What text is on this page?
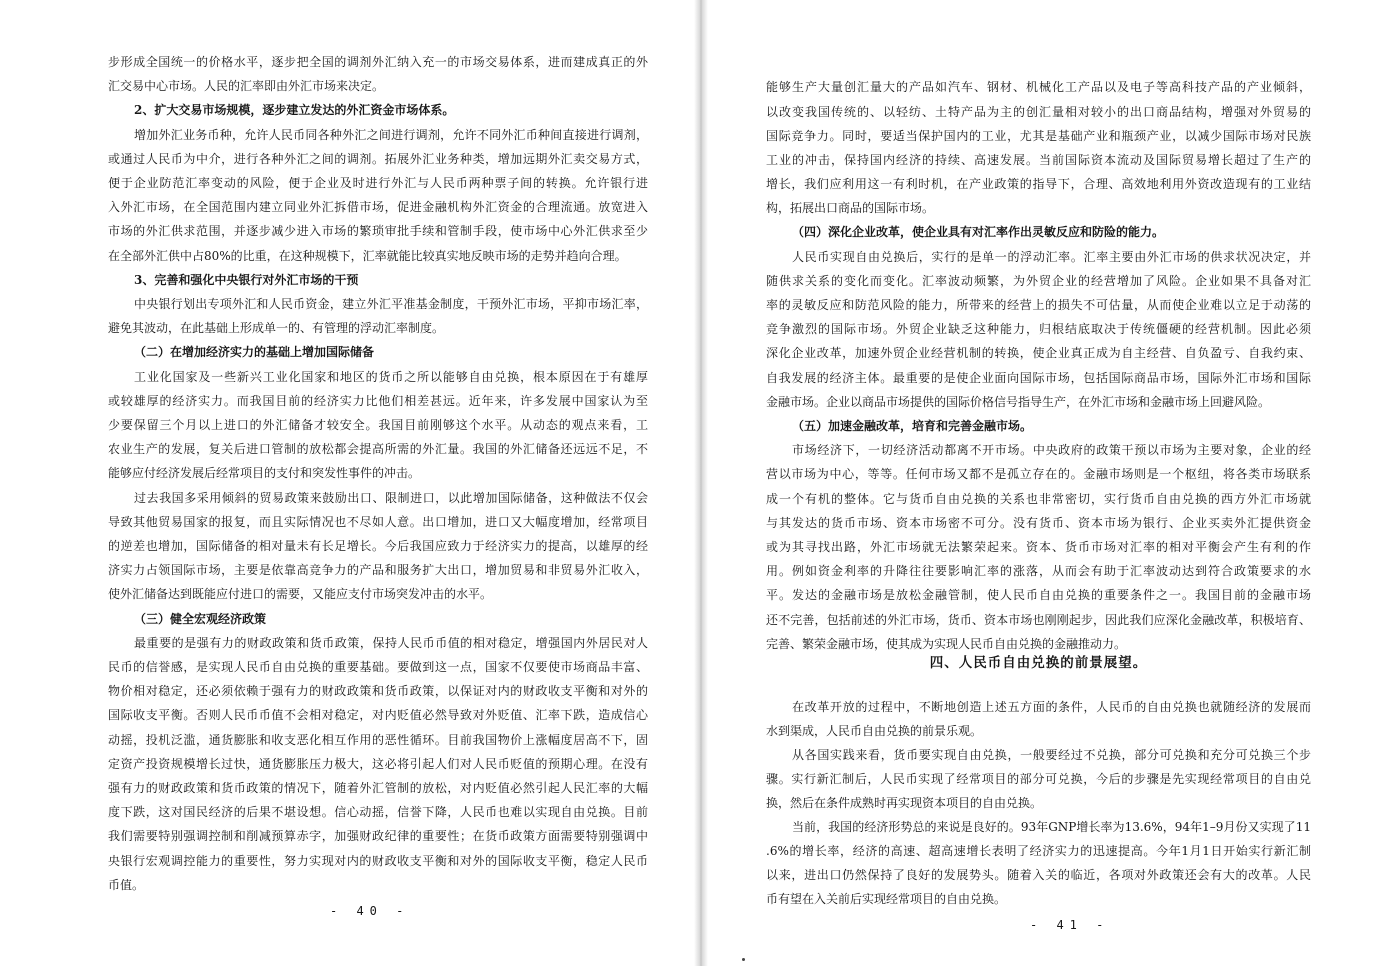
步形成全国统一的价格水平，逐步把全国的调剂外汇纳入充一的市场交易体系，进而建成真正的外
汇交易中心市场。人民的汇率即由外汇市场来决定。
2、扩大交易市场规模，逐步建立发达的外汇资金市场体系。
增加外汇业务币种，允许人民币同各种外汇之间进行调剂，允许不同外汇币种间直接进行调剂，
或通过人民币为中介，进行各种外汇之间的调剂。拓展外汇业务种类，增加远期外汇卖交易方式，
便于企业防范汇率变动的风险，便于企业及时进行外汇与人民币两种票子间的转换。允许银行进
入外汇市场，在全国范围内建立同业外汇拆借市场，促进金融机构外汇资金的合理流通。放宽进入
市场的外汇供求范围，并逐步减少进入市场的繁琐审批手续和管制手段，使市场中心外汇供求至少
在全部外汇供中占80%的比重，在这种规模下，汇率就能比较真实地反映市场的走势并趋向合理。
3、完善和强化中央银行对外汇市场的干预
中央银行划出专项外汇和人民币资金，建立外汇平准基金制度，干预外汇市场，平抑市场汇率，
避免其波动，在此基础上形成单一的、有管理的浮动汇率制度。
（二）在增加经济实力的基础上增加国际储备
工业化国家及一些新兴工业化国家和地区的货币之所以能够自由兑换，根本原因在于有雄厚
或较雄厚的经济实力。而我国目前的经济实力比他们相差甚远。近年来，许多发展中国家认为至
少要保留三个月以上进口的外汇储备才较安全。我国目前刚够这个水平。从动态的观点来看，工
农业生产的发展，复关后进口管制的放松都会提高所需的外汇量。我国的外汇储备还远远不足，不
能够应付经济发展后经常项目的支付和突发性事件的冲击。
过去我国多采用倾斜的贸易政策来鼓励出口、限制进口，以此增加国际储备，这种做法不仅会
导致其他贸易国家的报复，而且实际情况也不尽如人意。出口增加，进口又大幅度增加，经常项目
的逆差也增加，国际储备的相对量未有长足增长。今后我国应致力于经济实力的提高，以雄厚的经
济实力占领国际市场，主要是依靠高竞争力的产品和服务扩大出口，增加贸易和非贸易外汇收入，
使外汇储备达到既能应付进口的需要，又能应支付市场突发冲击的水平。
（三）健全宏观经济政策
最重要的是强有力的财政政策和货币政策，保持人民币币值的相对稳定，增强国内外居民对人
民币的信誉感，是实现人民币自由兑换的重要基础。要做到这一点，国家不仅要使市场商品丰富、
物价相对稳定，还必须依赖于强有力的财政政策和货币政策，以保证对内的财政收支平衡和对外的
国际收支平衡。否则人民币币值不会相对稳定，对内贬值必然导致对外贬值、汇率下跌，造成信心
动摇，投机泛滥，通货膨胀和收支恶化相互作用的恶性循环。目前我国物价上涨幅度居高不下，固
定资产投资规模增长过快，通货膨胀压力极大，这必将引起人们对人民币贬值的预期心理。在没有
强有力的财政政策和货币政策的情况下，随着外汇管制的放松，对内贬值必然引起人民汇率的大幅
度下跌，这对国民经济的后果不堪设想。信心动摇，信誉下降，人民币也难以实现自由兑换。目前
我们需要特别强调控制和削减预算赤字，加强财政纪律的重要性；在货币政策方面需要特别强调中
央银行宏观调控能力的重要性，努力实现对内的财政收支平衡和对外的国际收支平衡，稳定人民币
币值。
- 40 -
能够生产大量创汇量大的产品如汽车、钢材、机械化工产品以及电子等高科技产品的产业倾斜，
以改变我国传统的、以轻纺、土特产品为主的创汇量相对较小的出口商品结构，增强对外贸易的
国际竞争力。同时，要适当保护国内的工业，尤其是基础产业和瓶颈产业，以减少国际市场对民族
工业的冲击，保持国内经济的持续、高速发展。当前国际资本流动及国际贸易增长超过了生产的
增长，我们应利用这一有利时机，在产业政策的指导下，合理、高效地利用外资改造现有的工业结
构，拓展出口商品的国际市场。
（四）深化企业改革，使企业具有对汇率作出灵敏反应和防险的能力。
人民币实现自由兑换后，实行的是单一的浮动汇率。汇率主要由外汇市场的供求状况决定，并
随供求关系的变化而变化。汇率波动频繁，为外贸企业的经营增加了风险。企业如果不具备对汇
率的灵敏反应和防范风险的能力，所带来的经营上的损失不可估量，从而使企业难以立足于动荡的
竞争激烈的国际市场。外贸企业缺乏这种能力，归根结底取决于传统僵硬的经营机制。因此必须
深化企业改革，加速外贸企业经营机制的转换，使企业真正成为自主经营、自负盈亏、自我约束、
自我发展的经济主体。最重要的是使企业面向国际市场，包括国际商品市场，国际外汇市场和国际
金融市场。企业以商品市场提供的国际价格信号指导生产，在外汇市场和金融市场上回避风险。
（五）加速金融改革，培育和完善金融市场。
市场经济下，一切经济活动都离不开市场。中央政府的政策干预以市场为主要对象，企业的经
营以市场为中心，等等。任何市场又都不是孤立存在的。金融市场则是一个枢纽，将各类市场联系
成一个有机的整体。它与货币自由兑换的关系也非常密切，实行货币自由兑换的西方外汇市场就
与其发达的货币市场、资本市场密不可分。没有货币、资本市场为银行、企业买卖外汇提供资金
或为其寻找出路，外汇市场就无法繁荣起来。资本、货币市场对汇率的相对平衡会产生有利的作
用。例如资金利率的升降往往要影响汇率的涨落，从而会有助于汇率波动达到符合政策要求的水
平。发达的金融市场是放松金融管制，使人民币自由兑换的重要条件之一。我国目前的金融市场
还不完善，包括前述的外汇市场，货币、资本市场也刚刚起步，因此我们应深化金融改革，积极培育、
完善、繁荣金融市场，使其成为实现人民币自由兑换的金融推动力。
四、人民币自由兑换的前景展望。
在改革开放的过程中，不断地创造上述五方面的条件，人民币的自由兑换也就随经济的发展而
水到渠成，人民币自由兑换的前景乐观。
从各国实践来看，货币要实现自由兑换，一般要经过不兑换，部分可兑换和充分可兑换三个步
骤。实行新汇制后，人民币实现了经常项目的部分可兑换，今后的步骤是先实现经常项目的自由兑
换，然后在条件成熟时再实现资本项目的自由兑换。
当前，我国的经济形势总的来说是良好的。93年GNP增长率为13.6%，94年1–9月份又实现了11
.6%的增长率，经济的高速、超高速增长表明了经济实力的迅速提高。今年1月1日开始实行新汇制
以来，进出口仍然保持了良好的发展势头。随着入关的临近，各项对外政策还会有大的改革。人民
币有望在入关前后实现经常项目的自由兑换。
- 41 -
